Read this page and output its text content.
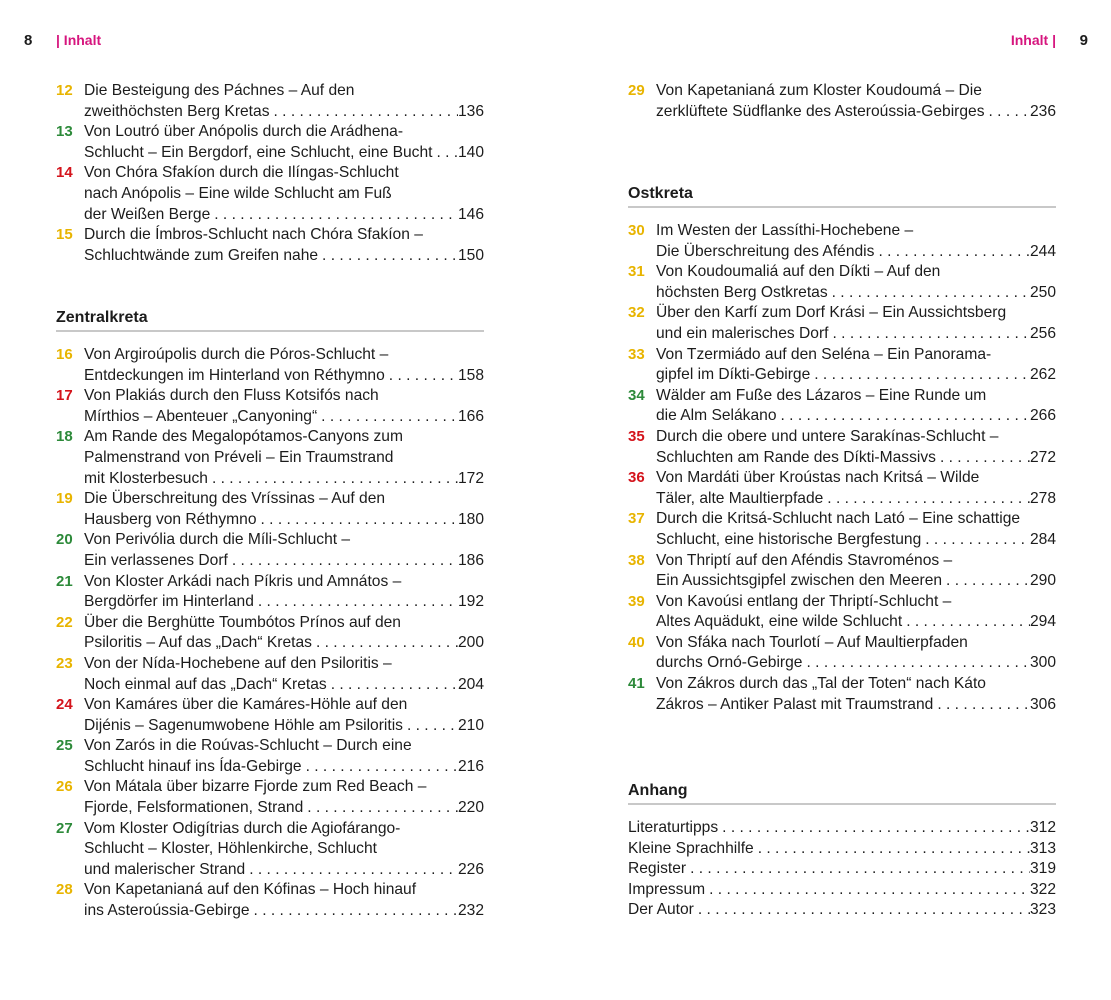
8 | Inhalt
12 Die Besteigung des Páchnes – Auf den
zweithöchsten Berg Kretas . . .	136
13 Von Loutró über Anópolis durch die Arádhena-
Schlucht – Ein Bergdorf, eine Schlucht, eine Bucht . . . 140
14 Von Chóra Sfakíon durch die Ilíngas-Schlucht
nach Anópolis – Eine wilde Schlucht am Fuß
der Weißen Berge . . .	146
15 Durch die Ímbros-Schlucht nach Chóra Sfakíon –
Schluchtwände zum Greifen nahe . . .	150
Zentralkreta
16 Von Argiroúpolis durch die Póros-Schlucht –
Entdeckungen im Hinterland von Réthymno . . .	158
17 Von Plakiás durch den Fluss Kotsifós nach
Mírthios – Abenteuer „Canyoning“ . . .	166
18 Am Rande des Megalopótamos-Canyons zum
Palmenstrand von Préveli – Ein Traumstrand
mit Klosterbesuch . . .	172
19 Die Überschreitung des Vríssinas – Auf den
Hausberg von Réthymno . . .	180
20 Von Perivólia durch die Míli-Schlucht –
Ein verlassenes Dorf . . .	186
21 Von Kloster Arkádi nach Píkris und Amnátos –
Bergdörfer im Hinterland . . .	192
22 Über die Berghütte Toumbótos Prínos auf den
Psiloritis – Auf das „Dach“ Kretas . . .	200
23 Von der Nída-Hochebene auf den Psiloritis –
Noch einmal auf das „Dach“ Kretas . . .	204
24 Von Kamáres über die Kamáres-Höhle auf den
Dijénis – Sagenumwobene Höhle am Psiloritis . . .	210
25 Von Zarós in die Roúvas-Schlucht – Durch eine
Schlucht hinauf ins Ída-Gebirge . . .	216
26 Von Mátala über bizarre Fjorde zum Red Beach –
Fjorde, Felsformationen, Strand . . .	220
27 Vom Kloster Odigítrias durch die Agiofárango-
Schlucht – Kloster, Höhlenkirche, Schlucht
und malerischer Strand . . .	226
28 Von Kapetanianá auf den Kófinas – Hoch hinauf
ins Asteroússia-Gebirge . . .	232
Inhalt | 9
29 Von Kapetanianá zum Kloster Koudoumá – Die
zerklüftete Südflanke des Asteroússia-Gebirges . . .	236
Ostkreta
30 Im Westen der Lassíthi-Hochebene –
Die Überschreitung des Aféndis . . .	244
31 Von Koudoumaliá auf den Díkti – Auf den
höchsten Berg Ostkretas . . .	250
32 Über den Karfí zum Dorf Krási – Ein Aussichtsberg
und ein malerisches Dorf . . .	256
33 Von Tzermiádo auf den Seléna – Ein Panorama-
gipfel im Díkti-Gebirge . . .	262
34 Wälder am Fuße des Lázaros – Eine Runde um
die Alm Selákano . . .	266
35 Durch die obere und untere Sarakínas-Schlucht –
Schluchten am Rande des Díkti-Massivs . . .	272
36 Von Mardáti über Kroústas nach Kritsá – Wilde
Täler, alte Maultierpfade . . .	278
37 Durch die Kritsá-Schlucht nach Lató – Eine schattige
Schlucht, eine historische Bergfestung . . .	284
38 Von Thriptí auf den Aféndis Stavroménos –
Ein Aussichtsgipfel zwischen den Meeren . . .	290
39 Von Kavoúsi entlang der Thriptí-Schlucht –
Altes Aquädukt, eine wilde Schlucht . . .	294
40 Von Sfáka nach Tourlotí – Auf Maultierpfaden
durchs Ornó-Gebirge . . .	300
41 Von Zákros durch das „Tal der Toten“ nach Káto
Zákros – Antiker Palast mit Traumstrand . . .	306
Anhang
Literaturtipps . . .	312
Kleine Sprachhilfe . . .	313
Register . . .	319
Impressum . . .	322
Der Autor . . .	323
